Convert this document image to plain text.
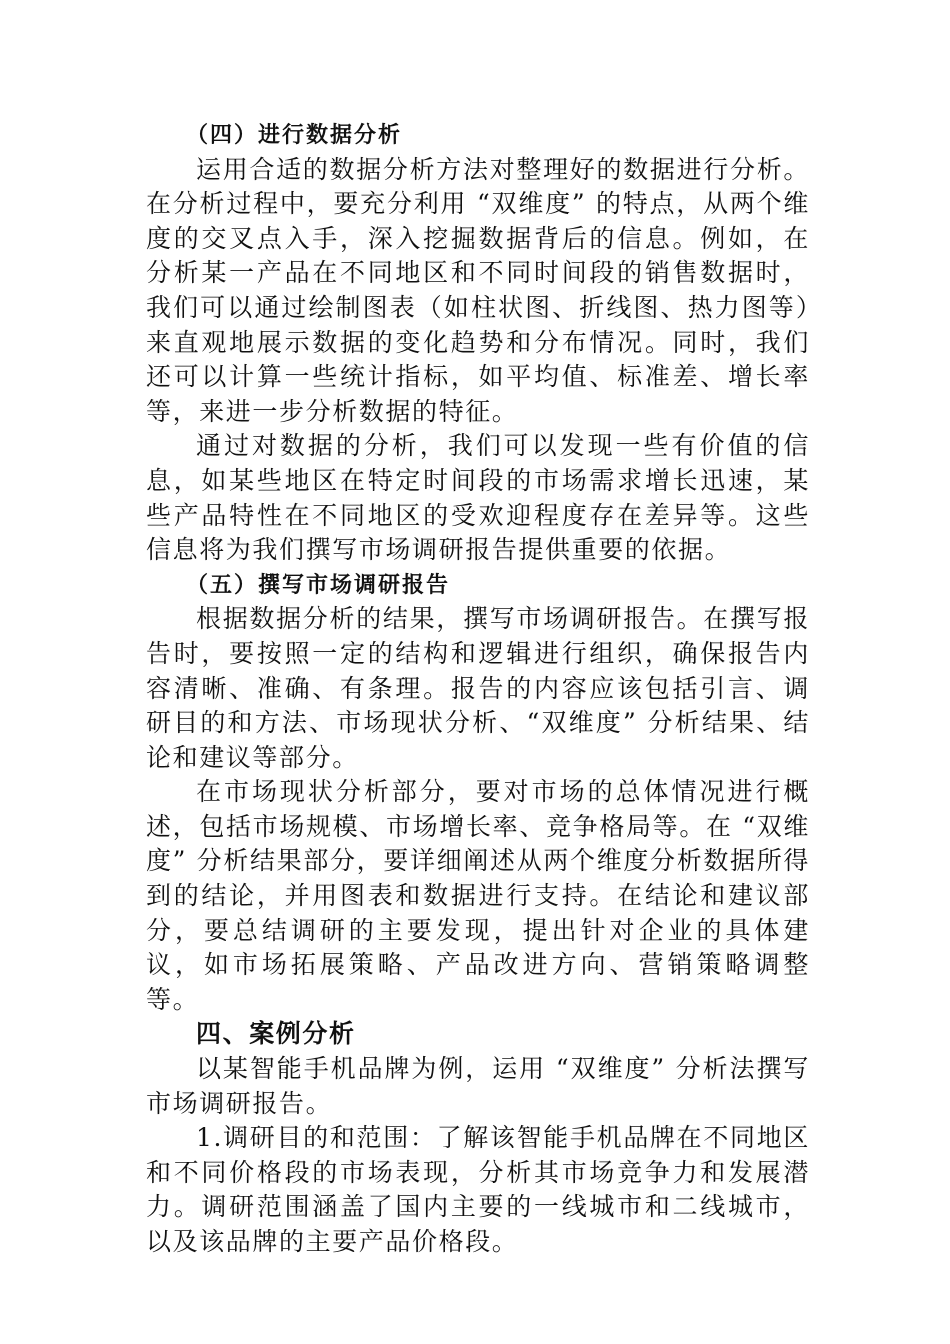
（四）进行数据分析

运用合适的数据分析方法对整理好的数据进行分析。在分析过程中，要充分利用 “双维度” 的特点，从两个维度的交叉点入手，深入挖掘数据背后的信息。例如，在分析某一产品在不同地区和不同时间段的销售数据时，我们可以通过绘制图表（如柱状图、折线图、热力图等）来直观地展示数据的变化趋势和分布情况。同时，我们还可以计算一些统计指标，如平均值、标准差、增长率等，来进一步分析数据的特征。

通过对数据的分析，我们可以发现一些有价值的信息，如某些地区在特定时间段的市场需求增长迅速，某些产品特性在不同地区的受欢迎程度存在差异等。这些信息将为我们撰写市场调研报告提供重要的依据。

（五）撰写市场调研报告

根据数据分析的结果，撰写市场调研报告。在撰写报告时，要按照一定的结构和逻辑进行组织，确保报告内容清晰、准确、有条理。报告的内容应该包括引言、调研目的和方法、市场现状分析、“双维度” 分析结果、结论和建议等部分。

在市场现状分析部分，要对市场的总体情况进行概述，包括市场规模、市场增长率、竞争格局等。在 “双维度” 分析结果部分，要详细阐述从两个维度分析数据所得到的结论，并用图表和数据进行支持。在结论和建议部分，要总结调研的主要发现，提出针对企业的具体建议，如市场拓展策略、产品改进方向、营销策略调整等。

四、案例分析

以某智能手机品牌为例，运用 “双维度” 分析法撰写市场调研报告。

1.调研目的和范围：了解该智能手机品牌在不同地区和不同价格段的市场表现，分析其市场竞争力和发展潜力。调研范围涵盖了国内主要的一线城市和二线城市，以及该品牌的主要产品价格段。
